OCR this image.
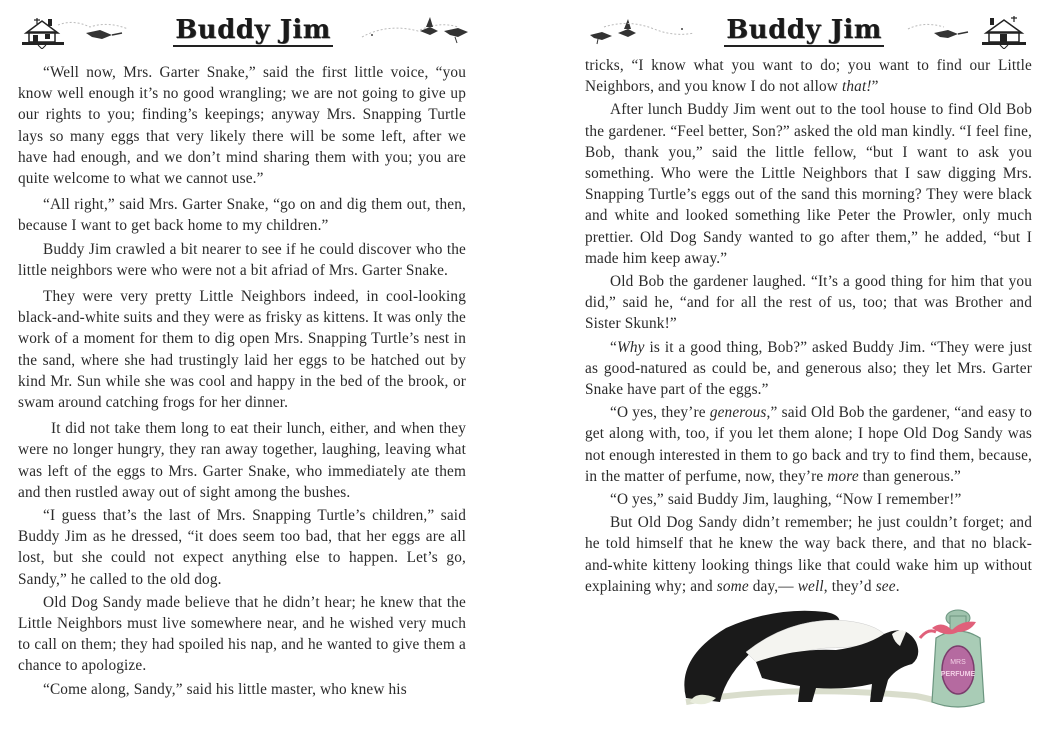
Buddy Jim

“Well now, Mrs. Garter Snake,” said the first little voice, “you know well enough it’s no good wrangling; we are not going to give up our rights to you; finding’s keepings; anyway Mrs. Snapping Turtle lays so many eggs that very likely there will be some left, after we have had enough, and we don’t mind sharing them with you; you are quite welcome to what we cannot use.”

“All right,” said Mrs. Garter Snake, “go on and dig them out, then, because I want to get back home to my children.”

Buddy Jim crawled a bit nearer to see if he could discover who the little neighbors were who were not a bit afriad of Mrs. Garter Snake.

They were very pretty Little Neighbors indeed, in cool-looking black-and-white suits and they were as frisky as kittens. It was only the work of a moment for them to dig open Mrs. Snapping Turtle’s nest in the sand, where she had trustingly laid her eggs to be hatched out by kind Mr. Sun while she was cool and happy in the bed of the brook, or swam around catching frogs for her dinner.

It did not take them long to eat their lunch, either, and when they were no longer hungry, they ran away together, laughing, leaving what was left of the eggs to Mrs. Garter Snake, who immediately ate them and then rustled away out of sight among the bushes.

“I guess that’s the last of Mrs. Snapping Turtle’s children,” said Buddy Jim as he dressed, “it does seem too bad, that her eggs are all lost, but she could not expect anything else to happen. Let’s go, Sandy,” he called to the old dog.

Old Dog Sandy made believe that he didn’t hear; he knew that the Little Neighbors must live somewhere near, and he wished very much to call on them; they had spoiled his nap, and he wanted to give them a chance to apologize.

“Come along, Sandy,” said his little master, who knew his

Buddy Jim

tricks, “I know what you want to do; you want to find our Little Neighbors, and you know I do not allow that!”

After lunch Buddy Jim went out to the tool house to find Old Bob the gardener. “Feel better, Son?” asked the old man kindly. “I feel fine, Bob, thank you,” said the little fellow, “but I want to ask you something. Who were the Little Neighbors that I saw digging Mrs. Snapping Turtle’s eggs out of the sand this morning? They were black and white and looked something like Peter the Prowler, only much prettier. Old Dog Sandy wanted to go after them,” he added, “but I made him keep away.”

Old Bob the gardener laughed. “It’s a good thing for him that you did,” said he, “and for all the rest of us, too; that was Brother and Sister Skunk!”

“Why is it a good thing, Bob?” asked Buddy Jim. “They were just as good-natured as could be, and generous also; they let Mrs. Garter Snake have part of the eggs.”

“O yes, they’re generous,” said Old Bob the gardener, “and easy to get along with, too, if you let them alone; I hope Old Dog Sandy was not enough interested in them to go back and try to find them, because, in the matter of perfume, now, they’re more than generous.”

“O yes,” said Buddy Jim, laughing, “Now I remember!”

But Old Dog Sandy didn’t remember; he just couldn’t forget; and he told himself that he knew the way back there, and that no black-and-white kitteny looking things like that could wake him up without explaining why; and some day,— well, they’d see.

MRS
PERFUME
